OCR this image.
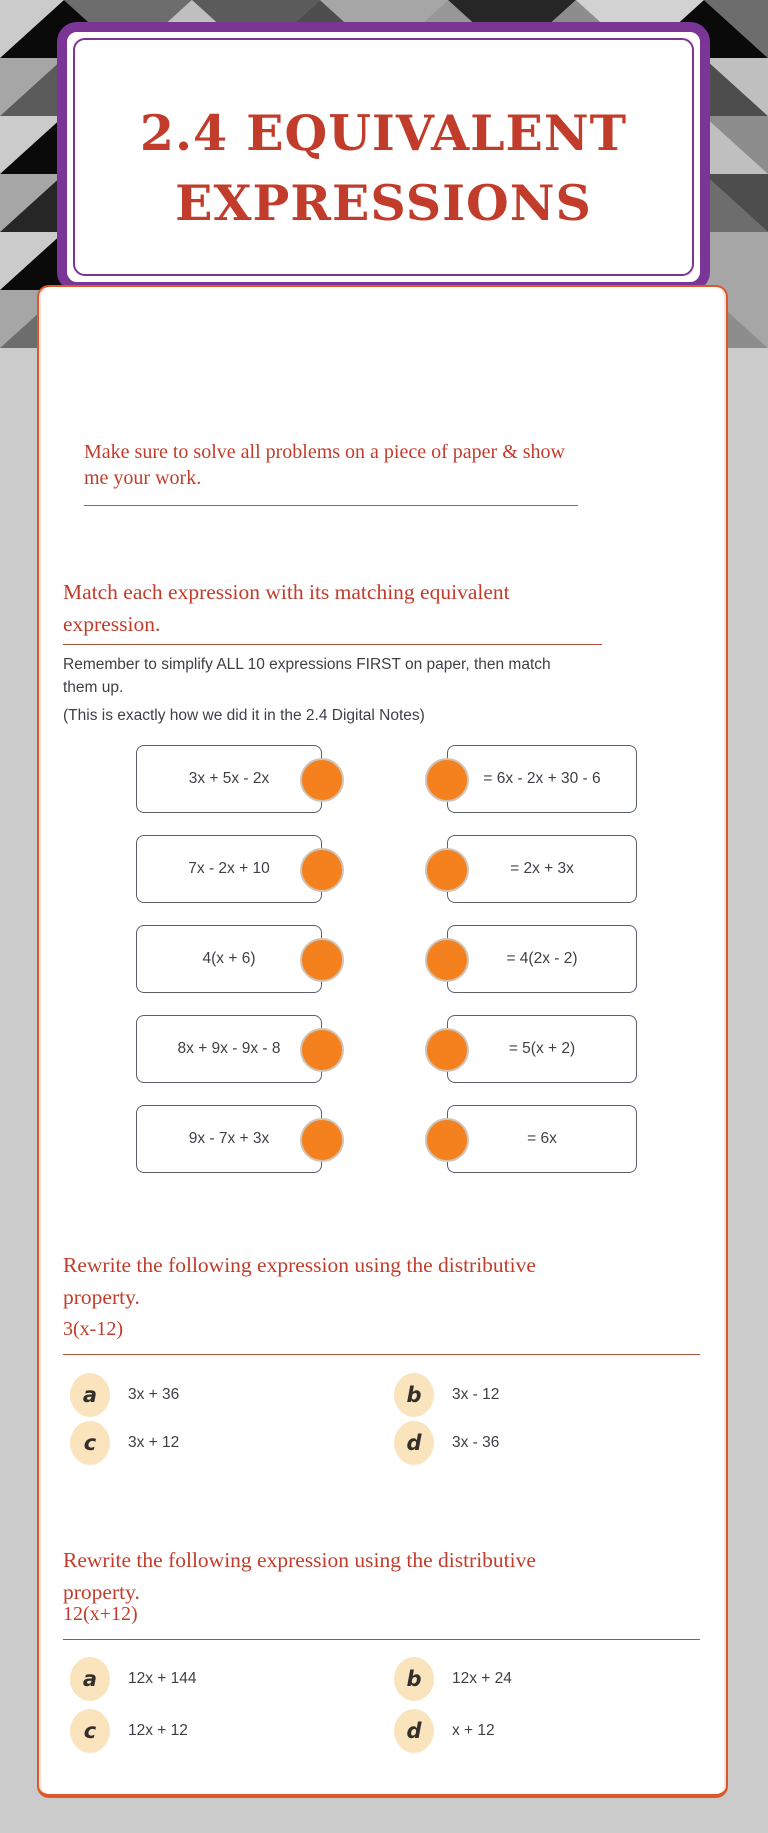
2.4 EQUIVALENT EXPRESSIONS
Make sure to solve all problems on a piece of paper & show me your work.
Match each expression with its matching equivalent expression.

Remember to simplify ALL 10 expressions FIRST on paper, then match them up.

(This is exactly how we did it in the 2.4 Digital Notes)

3x + 5x - 2x	= 6x - 2x + 30 - 6
7x - 2x + 10	= 2x + 3x
4(x + 6)	= 4(2x - 2)
8x + 9x - 9x - 8	= 5(x + 2)
9x - 7x + 3x	= 6x
Rewrite the following expression using the distributive property.
3(x-12)
a	3x + 36	b	3x - 12
c	3x + 12	d	3x - 36
Rewrite the following expression using the distributive property.
12(x+12)
a	12x + 144	b	12x + 24
c	12x + 12	d	x + 12
